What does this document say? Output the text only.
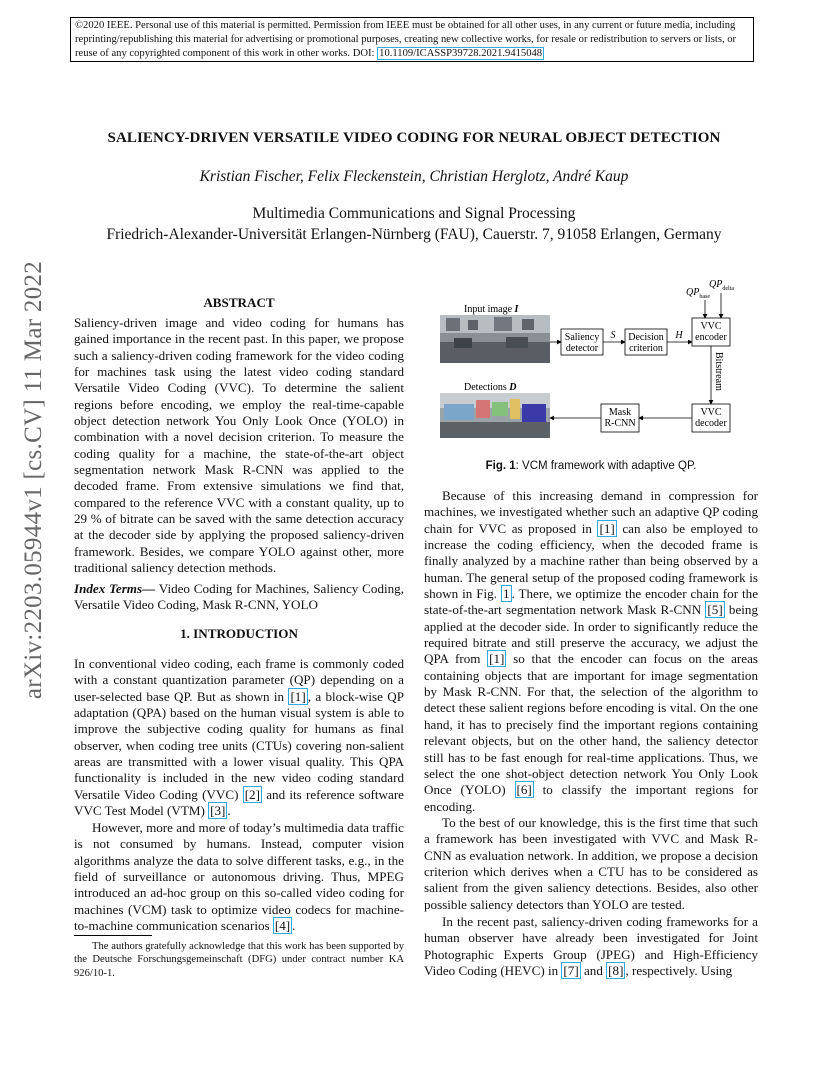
©2020 IEEE. Personal use of this material is permitted. Permission from IEEE must be obtained for all other uses, in any current or future media, including reprinting/republishing this material for advertising or promotional purposes, creating new collective works, for resale or redistribution to servers or lists, or reuse of any copyrighted component of this work in other works. DOI: 10.1109/ICASSP39728.2021.9415048
SALIENCY-DRIVEN VERSATILE VIDEO CODING FOR NEURAL OBJECT DETECTION
Kristian Fischer, Felix Fleckenstein, Christian Herglotz, André Kaup
Multimedia Communications and Signal Processing
Friedrich-Alexander-Universität Erlangen-Nürnberg (FAU), Cauerstr. 7, 91058 Erlangen, Germany
arXiv:2203.05944v1 [cs.CV] 11 Mar 2022	ABSTRACT
Saliency-driven image and video coding for humans has gained importance in the recent past. In this paper, we propose such a saliency-driven coding framework for the video coding for machines task using the latest video coding standard Versatile Video Coding (VVC). To determine the salient regions before encoding, we employ the real-time-capable object detection network You Only Look Once (YOLO) in combination with a novel decision criterion. To measure the coding quality for a machine, the state-of-the-art object segmentation network Mask R-CNN was applied to the decoded frame. From extensive simulations we find that, compared to the reference VVC with a constant quality, up to 29 % of bitrate can be saved with the same detection accuracy at the decoder side by applying the proposed saliency-driven framework. Besides, we compare YOLO against other, more traditional saliency detection methods.
Index Terms— Video Coding for Machines, Saliency Coding, Versatile Video Coding, Mask R-CNN, YOLO
1. INTRODUCTION
In conventional video coding, each frame is commonly coded with a constant quantization parameter (QP) depending on a user-selected base QP. But as shown in [1] , a block-wise QP adaptation (QPA) based on the human visual system is able to improve the subjective coding quality for humans as final observer, when coding tree units (CTUs) covering non-salient areas are transmitted with a lower visual quality. This QPA functionality is included in the new video coding standard Versatile Video Coding (VVC) [2] and its reference software VVC Test Model (VTM) [3] .
However, more and more of today’s multimedia data traffic is not consumed by humans. Instead, computer vision algorithms analyze the data to solve different tasks, e.g., in the field of surveillance or autonomous driving. Thus, MPEG introduced an ad-hoc group on this so-called video coding for machines (VCM) task to optimize video codecs for machine-to-machine communication scenarios [4] .
The authors gratefully acknowledge that this work has been supported by the Deutsche Forschungsgemeinschaft (DFG) under contract number KA 926/10-1.
Input image I
Detections D
Saliency
detector
S Decision
criterion
H
VVC
encoder
$QP_{base}$
$QP_{delta}$
Bitstream
VVC
decoder
Mask
R-CNN
Fig. 1: VCM framework with adaptive QP.
Because of this increasing demand in compression for machines, we investigated whether such an adaptive QP coding chain for VVC as proposed in [1] can also be employed to increase the coding efficiency, when the decoded frame is finally analyzed by a machine rather than being observed by a human. The general setup of the proposed coding framework is shown in Fig. 1 . There, we optimize the encoder chain for the state-of-the-art segmentation network Mask R-CNN [5] being applied at the decoder side. In order to significantly reduce the required bitrate and still preserve the accuracy, we adjust the QPA from [1] so that the encoder can focus on the areas containing objects that are important for image segmentation by Mask R-CNN. For that, the selection of the algorithm to detect these salient regions before encoding is vital. On the one hand, it has to precisely find the important regions containing relevant objects, but on the other hand, the saliency detector still has to be fast enough for real-time applications. Thus, we select the one shot-object detection network You Only Look Once (YOLO) [6] to classify the important regions for encoding.
To the best of our knowledge, this is the first time that such a framework has been investigated with VVC and Mask R-CNN as evaluation network. In addition, we propose a decision criterion which derives when a CTU has to be considered as salient from the given saliency detections. Besides, also other possible saliency detectors than YOLO are tested.
In the recent past, saliency-driven coding frameworks for a human observer have already been investigated for Joint Photographic Experts Group (JPEG) and High-Efficiency Video Coding (HEVC) in [7] and [8] , respectively. Using
